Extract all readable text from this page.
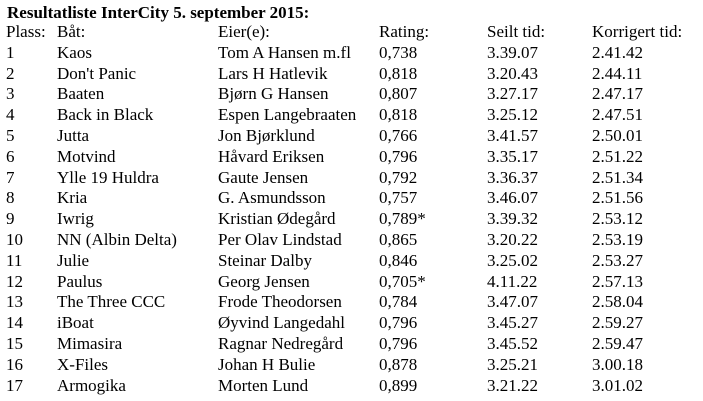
Resultatliste InterCity 5. september 2015:
Plass:	Båt:	Eier(e):	Rating:	Seilt tid:	Korrigert tid:
1	Kaos	Tom A Hansen m.fl	0,738	3.39.07	2.41.42
2	Don't Panic	Lars H Hatlevik	0,818	3.20.43	2.44.11
3	Baaten	Bjørn G Hansen	0,807	3.27.17	2.47.17
4	Back in Black	Espen Langebraaten	0,818	3.25.12	2.47.51
5	Jutta	Jon Bjørklund	0,766	3.41.57	2.50.01
6	Motvind	Håvard Eriksen	0,796	3.35.17	2.51.22
7	Ylle 19 Huldra	Gaute Jensen	0,792	3.36.37	2.51.34
8	Kria	G. Asmundsson	0,757	3.46.07	2.51.56
9	Iwrig	Kristian Ødegård	0,789*	3.39.32	2.53.12
10	NN (Albin Delta)	Per Olav Lindstad	0,865	3.20.22	2.53.19
11	Julie	Steinar Dalby	0,846	3.25.02	2.53.27
12	Paulus	Georg Jensen	0,705*	4.11.22	2.57.13
13	The Three CCC	Frode Theodorsen	0,784	3.47.07	2.58.04
14	iBoat	Øyvind Langedahl	0,796	3.45.27	2.59.27
15	Mimasira	Ragnar Nedregård	0,796	3.45.52	2.59.47
16	X-Files	Johan H Bulie	0,878	3.25.21	3.00.18
17	Armogika	Morten Lund	0,899	3.21.22	3.01.02
